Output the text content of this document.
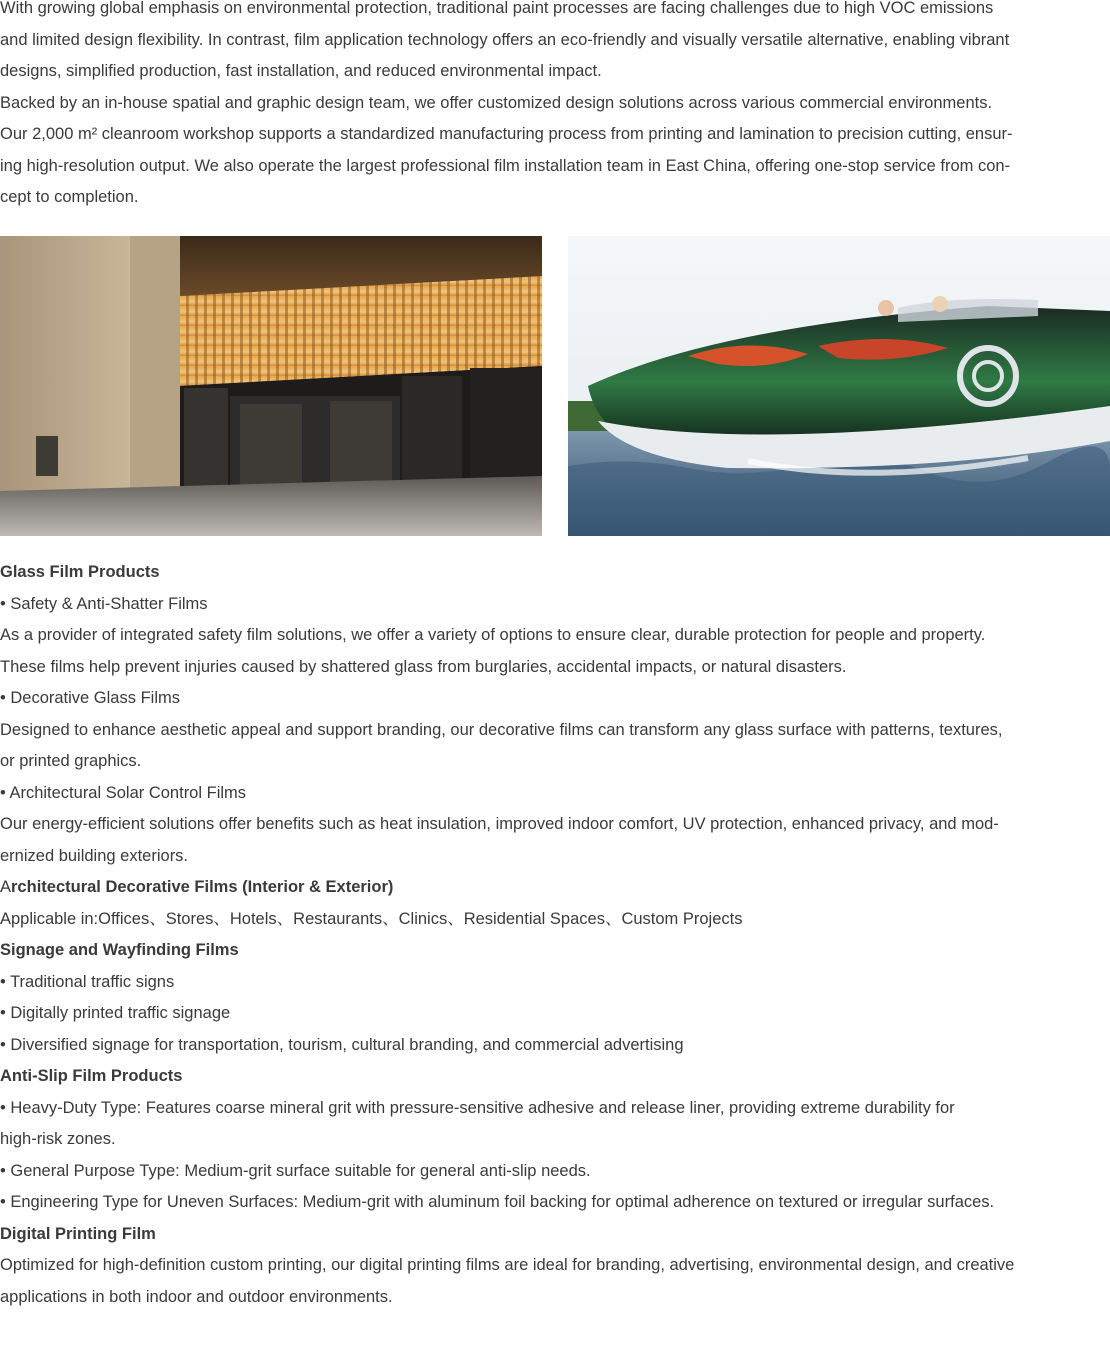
With growing global emphasis on environmental protection, traditional paint processes are facing challenges due to high VOC emissions
and limited design flexibility. In contrast, film application technology offers an eco-friendly and visually versatile alternative, enabling vibrant
designs, simplified production, fast installation, and reduced environmental impact.
Backed by an in-house spatial and graphic design team, we offer customized design solutions across various commercial environments.
Our 2,000 m² cleanroom workshop supports a standardized manufacturing process from printing and lamination to precision cutting, ensur-
ing high-resolution output. We also operate the largest professional film installation team in East China, offering one-stop service from con-
cept to completion.
Glass Film Products
• Safety & Anti-Shatter Films
As a provider of integrated safety film solutions, we offer a variety of options to ensure clear, durable protection for people and property.
These films help prevent injuries caused by shattered glass from burglaries, accidental impacts, or natural disasters.
• Decorative Glass Films
Designed to enhance aesthetic appeal and support branding, our decorative films can transform any glass surface with patterns, textures,
or printed graphics.
• Architectural Solar Control Films
Our energy-efficient solutions offer benefits such as heat insulation, improved indoor comfort, UV protection, enhanced privacy, and mod-
ernized building exteriors.
Architectural Decorative Films (Interior & Exterior)
Applicable in:Offices、Stores、Hotels、Restaurants、Clinics、Residential Spaces、Custom Projects
Signage and Wayfinding Films
• Traditional traffic signs
• Digitally printed traffic signage
• Diversified signage for transportation, tourism, cultural branding, and commercial advertising
Anti-Slip Film Products
• Heavy-Duty Type: Features coarse mineral grit with pressure-sensitive adhesive and release liner, providing extreme durability for
high-risk zones.
• General Purpose Type: Medium-grit surface suitable for general anti-slip needs.
• Engineering Type for Uneven Surfaces: Medium-grit with aluminum foil backing for optimal adherence on textured or irregular surfaces.
Digital Printing Film
Optimized for high-definition custom printing, our digital printing films are ideal for branding, advertising, environmental design, and creative
applications in both indoor and outdoor environments.
